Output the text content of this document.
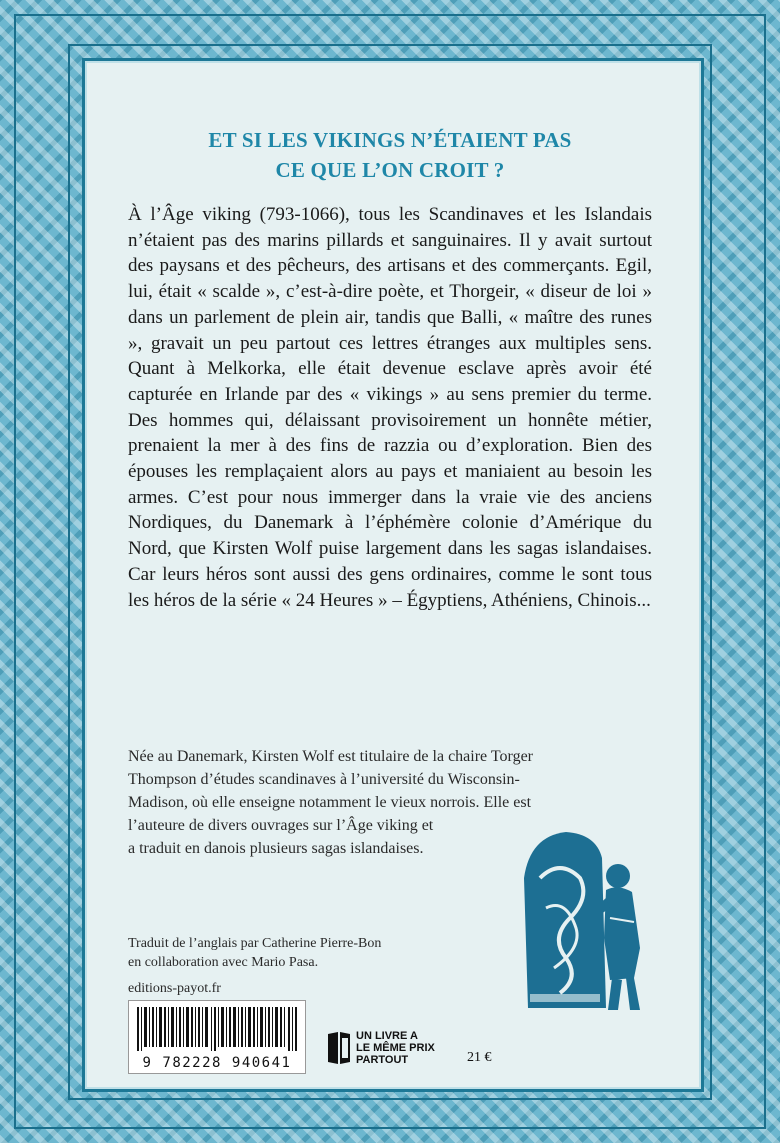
ET SI LES VIKINGS N’ÉTAIENT PAS
CE QUE L’ON CROIT ?

À l’Âge viking (793-1066), tous les Scandinaves et les Islandais n’étaient pas des marins pillards et sanguinaires. Il y avait surtout des paysans et des pêcheurs, des artisans et des commerçants. Egil, lui, était « scalde », c’est-à-dire poète, et Thorgeir, « diseur de loi » dans un parlement de plein air, tandis que Balli, « maître des runes », gravait un peu partout ces lettres étranges aux multiples sens. Quant à Melkorka, elle était devenue esclave après avoir été capturée en Irlande par des « vikings » au sens premier du terme. Des hommes qui, délaissant provisoirement un honnête métier, prenaient la mer à des fins de razzia ou d’exploration. Bien des épouses les remplaçaient alors au pays et maniaient au besoin les armes. C’est pour nous immerger dans la vraie vie des anciens Nordiques, du Danemark à l’éphémère colonie d’Amérique du Nord, que Kirsten Wolf puise largement dans les sagas islandaises. Car leurs héros sont aussi des gens ordinaires, comme le sont tous les héros de la série « 24 Heures » – Égyptiens, Athéniens, Chinois...

Née au Danemark, Kirsten Wolf est titulaire de la chaire Torger
Thompson d’études scandinaves à l’université du Wisconsin-
Madison, où elle enseigne notamment le vieux norrois. Elle est
l’auteure de divers ouvrages sur l’Âge viking et
a traduit en danois plusieurs sagas islandaises.
Traduit de l’anglais par Catherine Pierre-Bon
en collaboration avec Mario Pasa.
editions-payot.fr
9 782228 940641
UN LIVRE A
LE MÊME PRIX
PARTOUT	21 €
